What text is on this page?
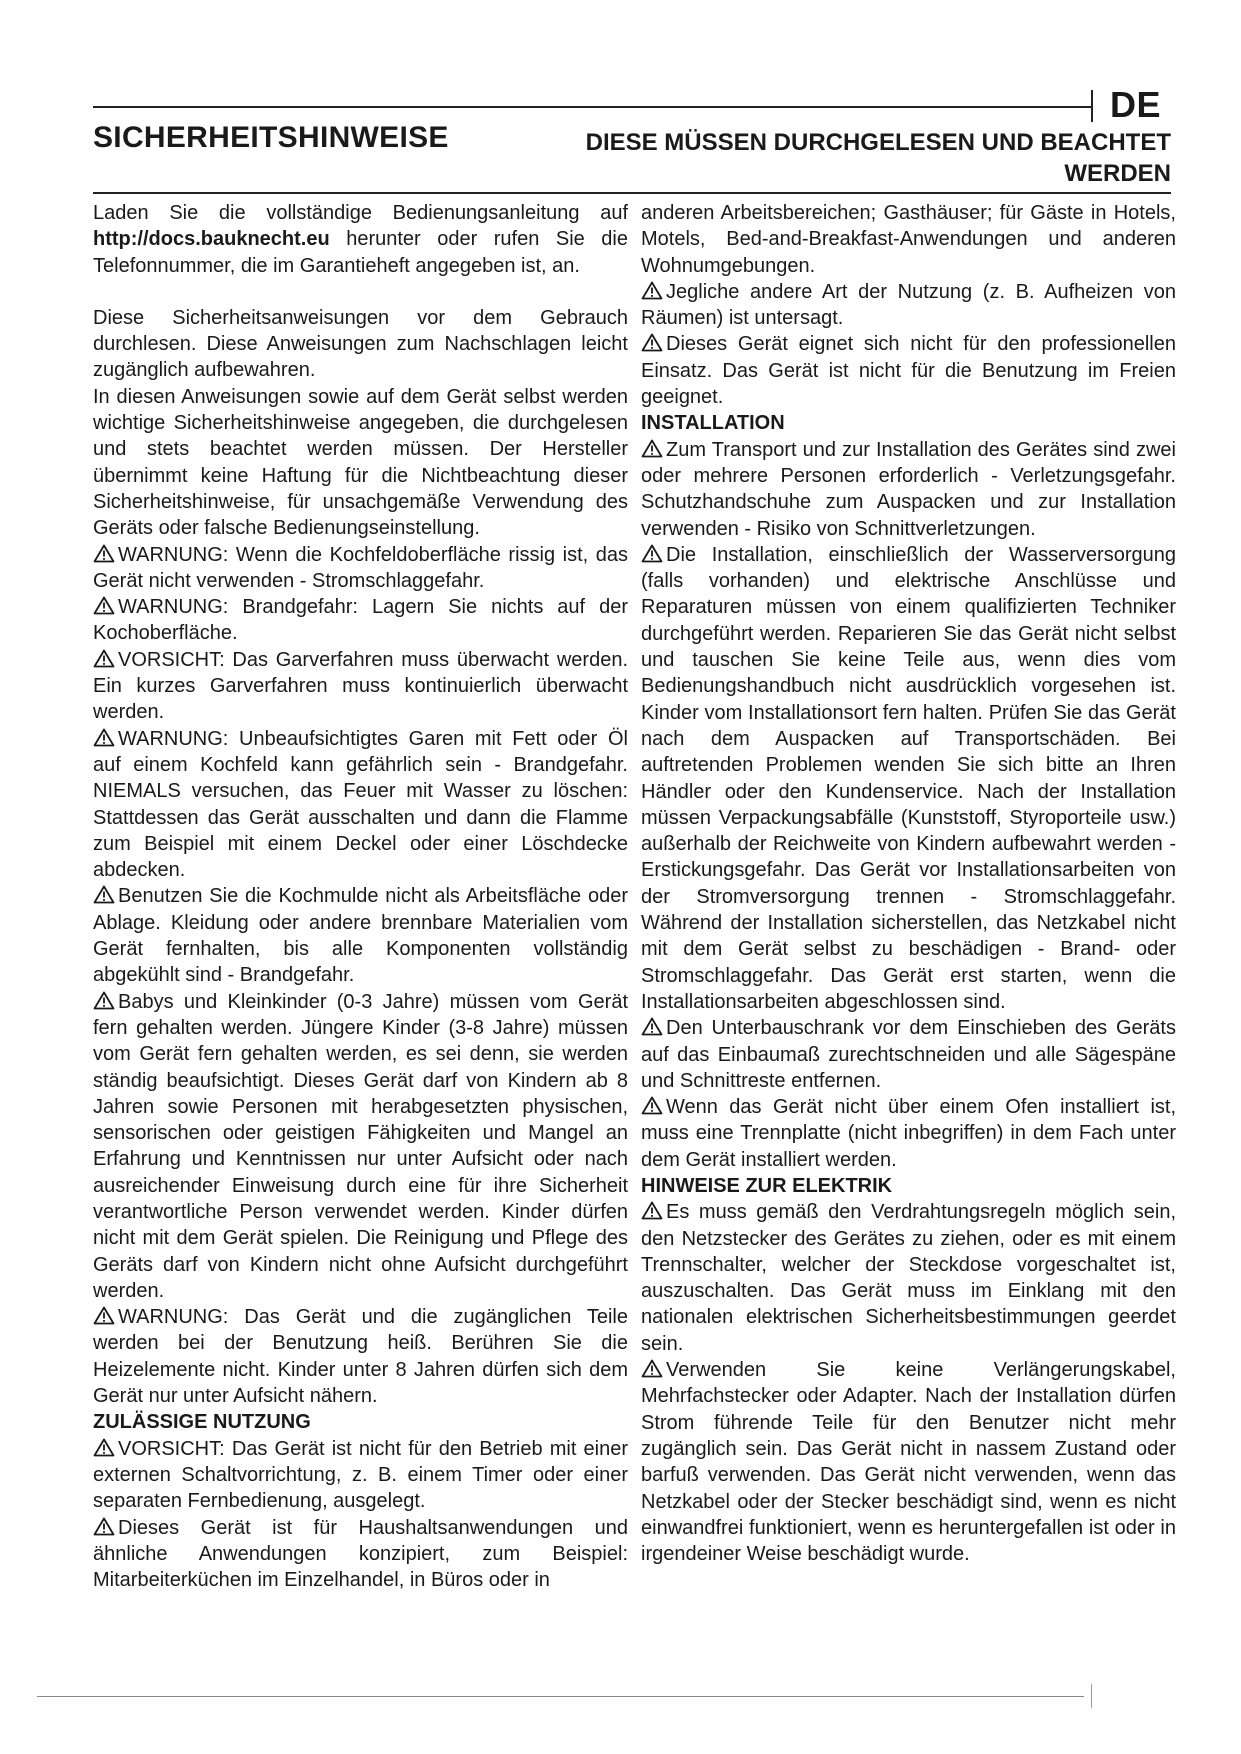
DE
SICHERHEITSHINWEISE	DIESE MÜSSEN DURCHGELESEN UND BEACHTET WERDEN

Laden Sie die vollständige Bedienungsanleitung auf http://docs.bauknecht.eu herunter oder rufen Sie die Telefonnummer, die im Garantieheft angegeben ist, an.

Diese Sicherheitsanweisungen vor dem Gebrauch durchlesen. Diese Anweisungen zum Nachschlagen leicht zugänglich aufbewahren.

In diesen Anweisungen sowie auf dem Gerät selbst werden wichtige Sicherheitshinweise angegeben, die durchgelesen und stets beachtet werden müssen. Der Hersteller übernimmt keine Haftung für die Nichtbeachtung dieser Sicherheitshinweise, für unsachgemäße Verwendung des Geräts oder falsche Bedienungseinstellung.

WARNUNG: Wenn die Kochfeldoberfläche rissig ist, das Gerät nicht verwenden - Stromschlaggefahr.

WARNUNG: Brandgefahr: Lagern Sie nichts auf der Kochoberfläche.

VORSICHT: Das Garverfahren muss überwacht werden. Ein kurzes Garverfahren muss kontinuierlich überwacht werden.

WARNUNG: Unbeaufsichtigtes Garen mit Fett oder Öl auf einem Kochfeld kann gefährlich sein - Brandgefahr. NIEMALS versuchen, das Feuer mit Wasser zu löschen: Stattdessen das Gerät ausschalten und dann die Flamme zum Beispiel mit einem Deckel oder einer Löschdecke abdecken.

Benutzen Sie die Kochmulde nicht als Arbeitsfläche oder Ablage. Kleidung oder andere brennbare Materialien vom Gerät fernhalten, bis alle Komponenten vollständig abgekühlt sind - Brandgefahr.

Babys und Kleinkinder (0-3 Jahre) müssen vom Gerät fern gehalten werden. Jüngere Kinder (3-8 Jahre) müssen vom Gerät fern gehalten werden, es sei denn, sie werden ständig beaufsichtigt. Dieses Gerät darf von Kindern ab 8 Jahren sowie Personen mit herabgesetzten physischen, sensorischen oder geistigen Fähigkeiten und Mangel an Erfahrung und Kenntnissen nur unter Aufsicht oder nach ausreichender Einweisung durch eine für ihre Sicherheit verantwortliche Person verwendet werden. Kinder dürfen nicht mit dem Gerät spielen. Die Reinigung und Pflege des Geräts darf von Kindern nicht ohne Aufsicht durchgeführt werden.

WARNUNG: Das Gerät und die zugänglichen Teile werden bei der Benutzung heiß. Berühren Sie die Heizelemente nicht. Kinder unter 8 Jahren dürfen sich dem Gerät nur unter Aufsicht nähern.

ZULÄSSIGE NUTZUNG

VORSICHT: Das Gerät ist nicht für den Betrieb mit einer externen Schaltvorrichtung, z. B. einem Timer oder einer separaten Fernbedienung, ausgelegt.

Dieses Gerät ist für Haushaltsanwendungen und ähnliche Anwendungen konzipiert, zum Beispiel: Mitarbeiterküchen im Einzelhandel, in Büros oder in

anderen Arbeitsbereichen; Gasthäuser; für Gäste in Hotels, Motels, Bed-and-Breakfast-Anwendungen und anderen Wohnumgebungen.

Jegliche andere Art der Nutzung (z. B. Aufheizen von Räumen) ist untersagt.

Dieses Gerät eignet sich nicht für den professionellen Einsatz. Das Gerät ist nicht für die Benutzung im Freien geeignet.

INSTALLATION

Zum Transport und zur Installation des Gerätes sind zwei oder mehrere Personen erforderlich - Verletzungsgefahr. Schutzhandschuhe zum Auspacken und zur Installation verwenden - Risiko von Schnittverletzungen.

Die Installation, einschließlich der Wasserversorgung (falls vorhanden) und elektrische Anschlüsse und Reparaturen müssen von einem qualifizierten Techniker durchgeführt werden. Reparieren Sie das Gerät nicht selbst und tauschen Sie keine Teile aus, wenn dies vom Bedienungshandbuch nicht ausdrücklich vorgesehen ist. Kinder vom Installationsort fern halten. Prüfen Sie das Gerät nach dem Auspacken auf Transportschäden. Bei auftretenden Problemen wenden Sie sich bitte an Ihren Händler oder den Kundenservice. Nach der Installation müssen Verpackungsabfälle (Kunststoff, Styroporteile usw.) außerhalb der Reichweite von Kindern aufbewahrt werden - Erstickungsgefahr. Das Gerät vor Installationsarbeiten von der Stromversorgung trennen - Stromschlaggefahr. Während der Installation sicherstellen, das Netzkabel nicht mit dem Gerät selbst zu beschädigen - Brand- oder Stromschlaggefahr. Das Gerät erst starten, wenn die Installationsarbeiten abgeschlossen sind.

Den Unterbauschrank vor dem Einschieben des Geräts auf das Einbaumaß zurechtschneiden und alle Sägespäne und Schnittreste entfernen.

Wenn das Gerät nicht über einem Ofen installiert ist, muss eine Trennplatte (nicht inbegriffen) in dem Fach unter dem Gerät installiert werden.

HINWEISE ZUR ELEKTRIK

Es muss gemäß den Verdrahtungsregeln möglich sein, den Netzstecker des Gerätes zu ziehen, oder es mit einem Trennschalter, welcher der Steckdose vorgeschaltet ist, auszuschalten. Das Gerät muss im Einklang mit den nationalen elektrischen Sicherheitsbestimmungen geerdet sein.

Verwenden Sie keine Verlängerungskabel, Mehrfachstecker oder Adapter. Nach der Installation dürfen Strom führende Teile für den Benutzer nicht mehr zugänglich sein. Das Gerät nicht in nassem Zustand oder barfuß verwenden. Das Gerät nicht verwenden, wenn das Netzkabel oder der Stecker beschädigt sind, wenn es nicht einwandfrei funktioniert, wenn es heruntergefallen ist oder in irgendeiner Weise beschädigt wurde.
